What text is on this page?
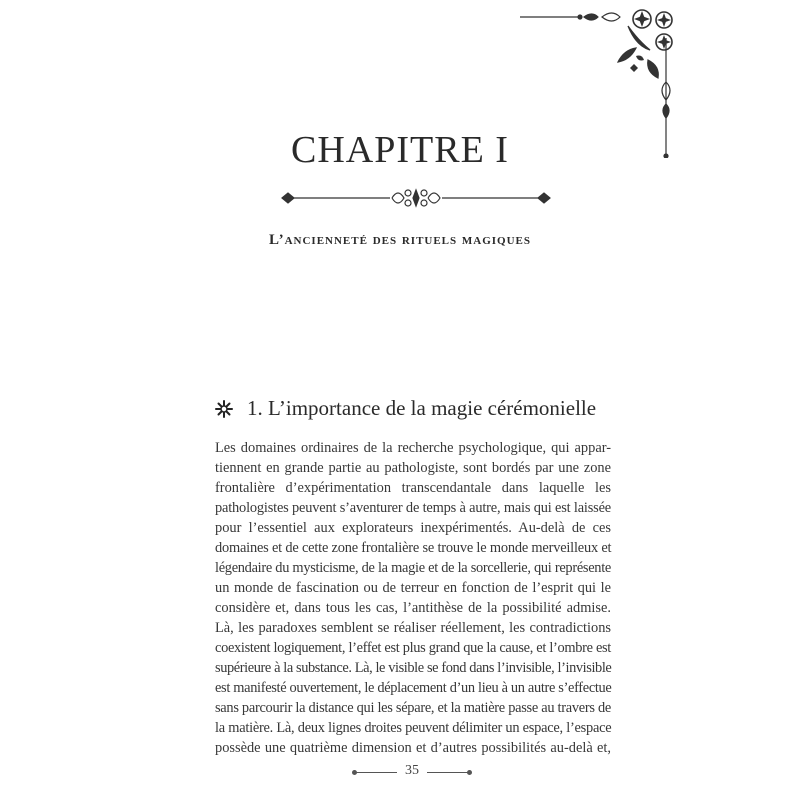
CHAPITRE I
L’ancienneté des rituels magiques
1. L’importance de la magie cérémonielle
Les domaines ordinaires de la recherche psychologique, qui appar-
tiennent en grande partie au pathologiste, sont bordés par une zone
frontalière d’expérimentation transcendantale dans laquelle les
pathologistes peuvent s’aventurer de temps à autre, mais qui est laissée
pour l’essentiel aux explorateurs inexpérimentés. Au-delà de ces
domaines et de cette zone frontalière se trouve le monde merveilleux et
légendaire du mysticisme, de la magie et de la sorcellerie, qui représente
un monde de fascination ou de terreur en fonction de l’esprit qui le
considère et, dans tous les cas, l’antithèse de la possibilité admise.
Là, les paradoxes semblent se réaliser réellement, les contradictions
coexistent logiquement, l’effet est plus grand que la cause, et l’ombre est
supérieure à la substance. Là, le visible se fond dans l’invisible, l’invisible
est manifesté ouvertement, le déplacement d’un lieu à un autre s’effectue
sans parcourir la distance qui les sépare, et la matière passe au travers de
la matière. Là, deux lignes droites peuvent délimiter un espace, l’espace
possède une quatrième dimension et d’autres possibilités au-delà et,
35
